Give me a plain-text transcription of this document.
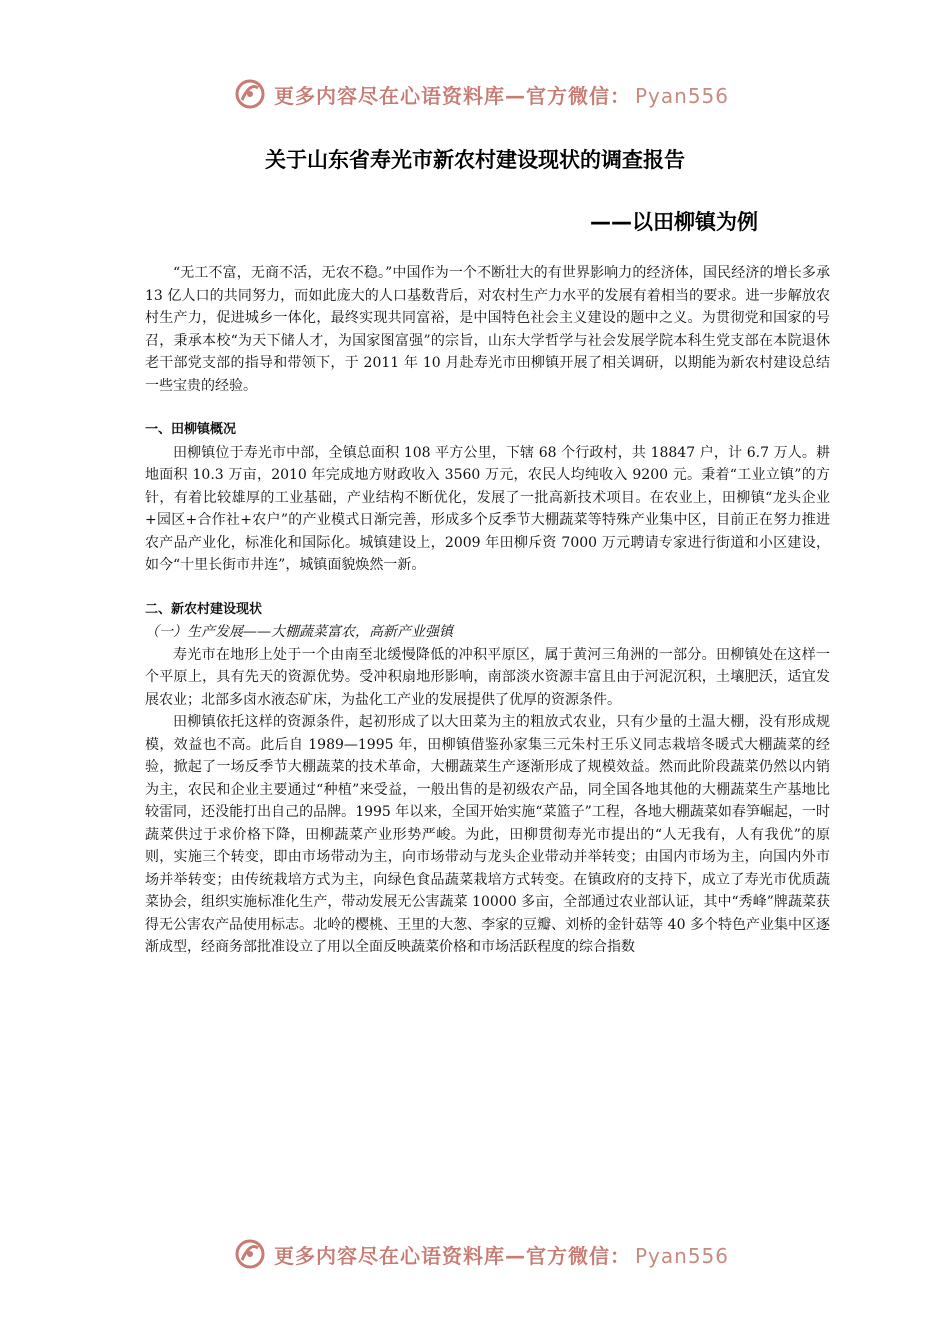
更多内容尽在心语资料库—官方微信： Pyan556
关于山东省寿光市新农村建设现状的调查报告
——以田柳镇为例

“无工不富，无商不活，无农不稳。”中国作为一个不断壮大的有世界影响力的经济体，国民经济的增长多承 13 亿人口的共同努力，而如此庞大的人口基数背后，对农村生产力水平的发展有着相当的要求。进一步解放农村生产力，促进城乡一体化，最终实现共同富裕，是中国特色社会主义建设的题中之义。为贯彻党和国家的号召，秉承本校“为天下储人才，为国家图富强”的宗旨，山东大学哲学与社会发展学院本科生党支部在本院退休老干部党支部的指导和带领下，于 2011 年 10 月赴寿光市田柳镇开展了相关调研，以期能为新农村建设总结一些宝贵的经验。

一、田柳镇概况

田柳镇位于寿光市中部，全镇总面积 108 平方公里，下辖 68 个行政村，共 18847 户，计 6.7 万人。耕地面积 10.3 万亩，2010 年完成地方财政收入 3560 万元，农民人均纯收入 9200 元。秉着“工业立镇”的方针，有着比较雄厚的工业基础，产业结构不断优化，发展了一批高新技术项目。在农业上，田柳镇“龙头企业+园区+合作社+农户”的产业模式日渐完善，形成多个反季节大棚蔬菜等特殊产业集中区，目前正在努力推进农产品产业化，标准化和国际化。城镇建设上，2009 年田柳斥资 7000 万元聘请专家进行街道和小区建设，如今“十里长街市井连”，城镇面貌焕然一新。

二、新农村建设现状

（一）生产发展——大棚蔬菜富农，高新产业强镇

寿光市在地形上处于一个由南至北缓慢降低的冲积平原区，属于黄河三角洲的一部分。田柳镇处在这样一个平原上，具有先天的资源优势。受冲积扇地形影响，南部淡水资源丰富且由于河泥沉积，土壤肥沃，适宜发展农业；北部多卤水液态矿床，为盐化工产业的发展提供了优厚的资源条件。

田柳镇依托这样的资源条件，起初形成了以大田菜为主的粗放式农业，只有少量的土温大棚，没有形成规模，效益也不高。此后自 1989—1995 年，田柳镇借鉴孙家集三元朱村王乐义同志栽培冬暖式大棚蔬菜的经验，掀起了一场反季节大棚蔬菜的技术革命，大棚蔬菜生产逐渐形成了规模效益。然而此阶段蔬菜仍然以内销为主，农民和企业主要通过“种植”来受益，一般出售的是初级农产品，同全国各地其他的大棚蔬菜生产基地比较雷同，还没能打出自己的品牌。1995 年以来，全国开始实施“菜篮子”工程，各地大棚蔬菜如春笋崛起，一时蔬菜供过于求价格下降，田柳蔬菜产业形势严峻。为此，田柳贯彻寿光市提出的“人无我有，人有我优”的原则，实施三个转变，即由市场带动为主，向市场带动与龙头企业带动并举转变；由国内市场为主，向国内外市场并举转变；由传统栽培方式为主，向绿色食品蔬菜栽培方式转变。在镇政府的支持下，成立了寿光市优质蔬菜协会，组织实施标准化生产，带动发展无公害蔬菜 10000 多亩，全部通过农业部认证，其中“秀峰”牌蔬菜获得无公害农产品使用标志。北岭的樱桃、王里的大葱、李家的豆瓣、刘桥的金针菇等 40 多个特色产业集中区逐渐成型，经商务部批准设立了用以全面反映蔬菜价格和市场活跃程度的综合指数

更多内容尽在心语资料库—官方微信： Pyan556
